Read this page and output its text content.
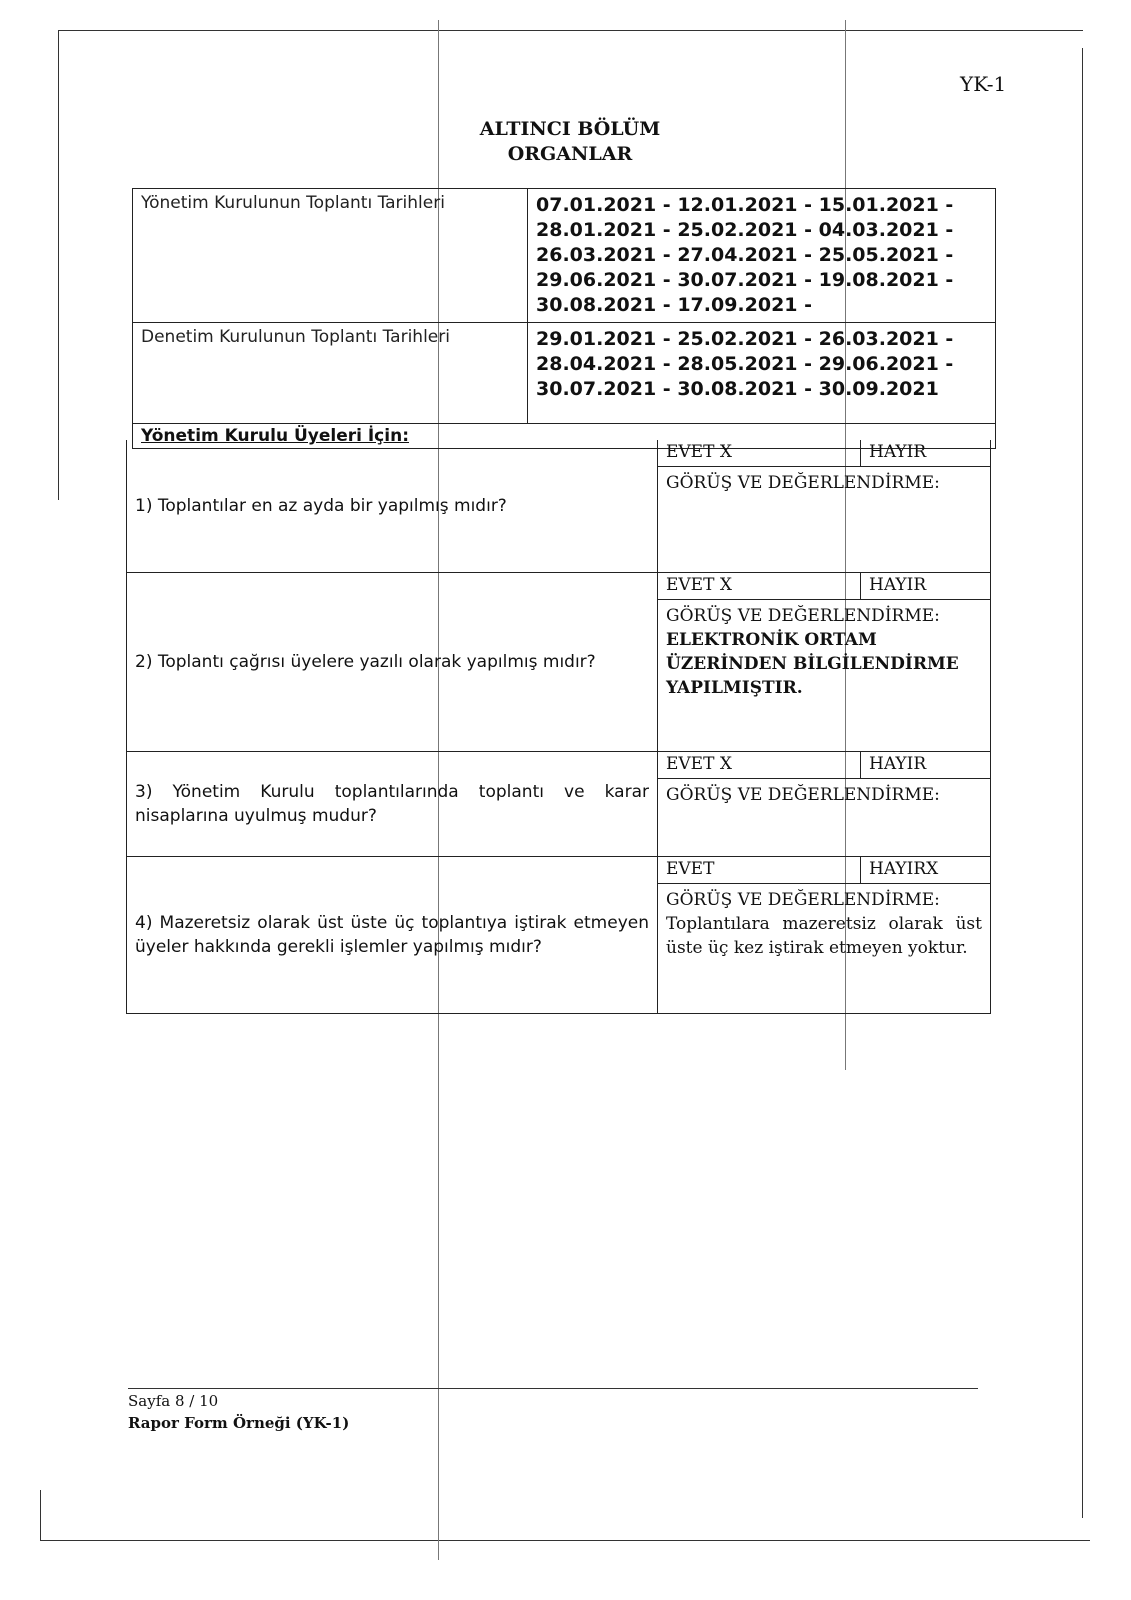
YK-1
ALTINCI BÖLÜM
ORGANLAR
Yönetim Kurulunun Toplantı Tarihleri	07.01.2021 - 12.01.2021 - 15.01.2021 -
28.01.2021 - 25.02.2021 - 04.03.2021 -
26.03.2021 - 27.04.2021 - 25.05.2021 -
29.06.2021 - 30.07.2021 - 19.08.2021 -
30.08.2021 - 17.09.2021 -

Denetim Kurulunun Toplantı Tarihleri	29.01.2021 - 25.02.2021 - 26.03.2021 -
28.04.2021 - 28.05.2021 - 29.06.2021 -
30.07.2021 - 30.08.2021 - 30.09.2021

Yönetim Kurulu Üyeleri İçin:	
1) Toplantılar en az ayda bir yapılmış mıdır?
EVET X	HAYIR
GÖRÜŞ VE DEĞERLENDİRME:
2) Toplantı çağrısı üyelere yazılı olarak yapılmış mıdır?
EVET X	HAYIR
GÖRÜŞ VE DEĞERLENDİRME:
ELEKTRONİK ORTAM ÜZERİNDEN BİLGİLENDİRME YAPILMIŞTIR.
3) Yönetim Kurulu toplantılarında toplantı ve karar nisaplarına uyulmuş mudur?
EVET X	HAYIR
GÖRÜŞ VE DEĞERLENDİRME:
4) Mazeretsiz olarak üst üste üç toplantıya iştirak etmeyen üyeler hakkında gerekli işlemler yapılmış mıdır?
EVET	HAYIRX
GÖRÜŞ VE DEĞERLENDİRME:
Toplantılara mazeretsiz olarak üst üste üç kez iştirak etmeyen yoktur.
Sayfa 8 / 10
Rapor Form Örneği (YK-1)
